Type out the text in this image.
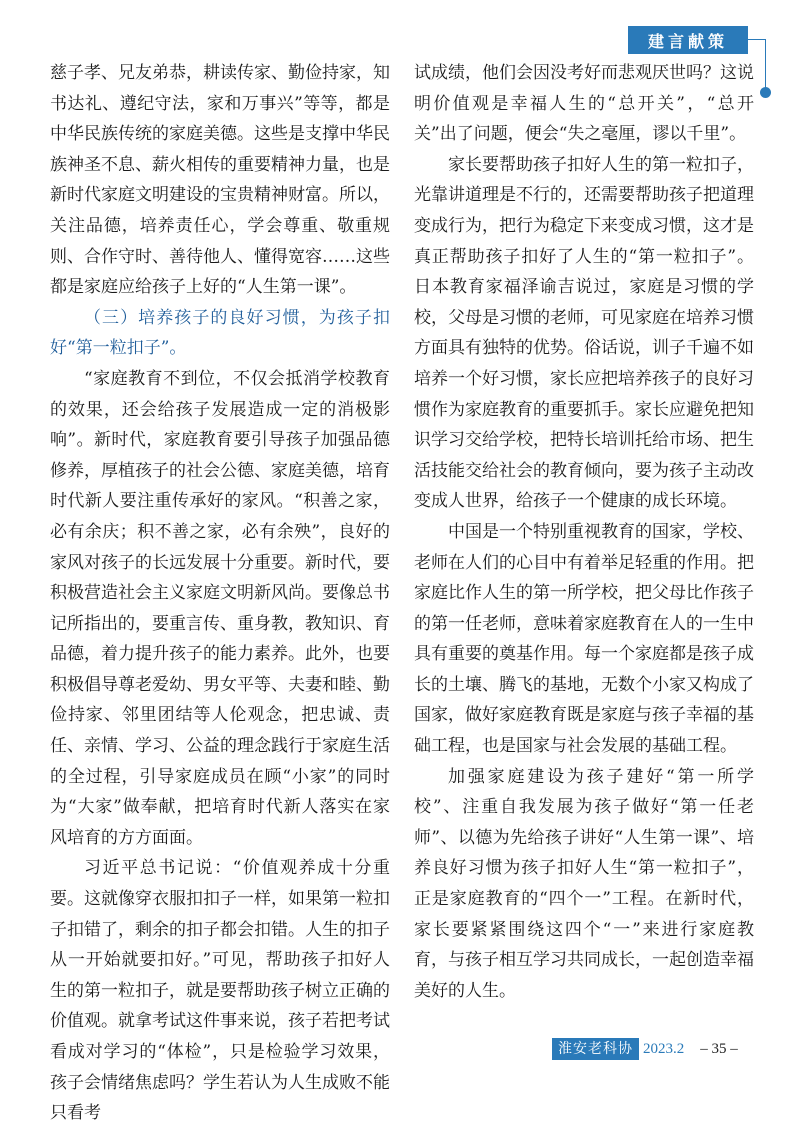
建言献策

慈子孝、兄友弟恭，耕读传家、勤俭持家，知书达礼、遵纪守法，家和万事兴”等等，都是中华民族传统的家庭美德。这些是支撑中华民族神圣不息、薪火相传的重要精神力量，也是新时代家庭文明建设的宝贵精神财富。所以，关注品德，培养责任心，学会尊重、敬重规则、合作守时、善待他人、懂得宽容……这些都是家庭应给孩子上好的“人生第一课”。

（三）培养孩子的良好习惯，为孩子扣好“第一粒扣子”。

“家庭教育不到位，不仅会抵消学校教育的效果，还会给孩子发展造成一定的消极影响”。新时代，家庭教育要引导孩子加强品德修养，厚植孩子的社会公德、家庭美德，培育时代新人要注重传承好的家风。“积善之家，必有余庆；积不善之家，必有余殃”，良好的家风对孩子的长远发展十分重要。新时代，要积极营造社会主义家庭文明新风尚。要像总书记所指出的，要重言传、重身教，教知识、育品德，着力提升孩子的能力素养。此外，也要积极倡导尊老爱幼、男女平等、夫妻和睦、勤俭持家、邻里团结等人伦观念，把忠诚、责任、亲情、学习、公益的理念践行于家庭生活的全过程，引导家庭成员在顾“小家”的同时为“大家”做奉献，把培育时代新人落实在家风培育的方方面面。

习近平总书记说：“价值观养成十分重要。这就像穿衣服扣扣子一样，如果第一粒扣子扣错了，剩余的扣子都会扣错。人生的扣子从一开始就要扣好。”可见，帮助孩子扣好人生的第一粒扣子，就是要帮助孩子树立正确的价值观。就拿考试这件事来说，孩子若把考试看成对学习的“体检”，只是检验学习效果，孩子会情绪焦虑吗？学生若认为人生成败不能只看考

试成绩，他们会因没考好而悲观厌世吗？这说明价值观是幸福人生的“总开关”，“总开关”出了问题，便会“失之毫厘，谬以千里”。

家长要帮助孩子扣好人生的第一粒扣子，光靠讲道理是不行的，还需要帮助孩子把道理变成行为，把行为稳定下来变成习惯，这才是真正帮助孩子扣好了人生的“第一粒扣子”。日本教育家福泽谕吉说过，家庭是习惯的学校，父母是习惯的老师，可见家庭在培养习惯方面具有独特的优势。俗话说，训子千遍不如培养一个好习惯，家长应把培养孩子的良好习惯作为家庭教育的重要抓手。家长应避免把知识学习交给学校，把特长培训托给市场、把生活技能交给社会的教育倾向，要为孩子主动改变成人世界，给孩子一个健康的成长环境。

中国是一个特别重视教育的国家，学校、老师在人们的心目中有着举足轻重的作用。把家庭比作人生的第一所学校，把父母比作孩子的第一任老师，意味着家庭教育在人的一生中具有重要的奠基作用。每一个家庭都是孩子成长的土壤、腾飞的基地，无数个小家又构成了国家，做好家庭教育既是家庭与孩子幸福的基础工程，也是国家与社会发展的基础工程。

加强家庭建设为孩子建好“第一所学校”、注重自我发展为孩子做好“第一任老师”、以德为先给孩子讲好“人生第一课”、培养良好习惯为孩子扣好人生“第一粒扣子”，正是家庭教育的“四个一”工程。在新时代，家长要紧紧围绕这四个“一”来进行家庭教育，与孩子相互学习共同成长，一起创造幸福美好的人生。

淮安老科协 2023.2 – 35 –
